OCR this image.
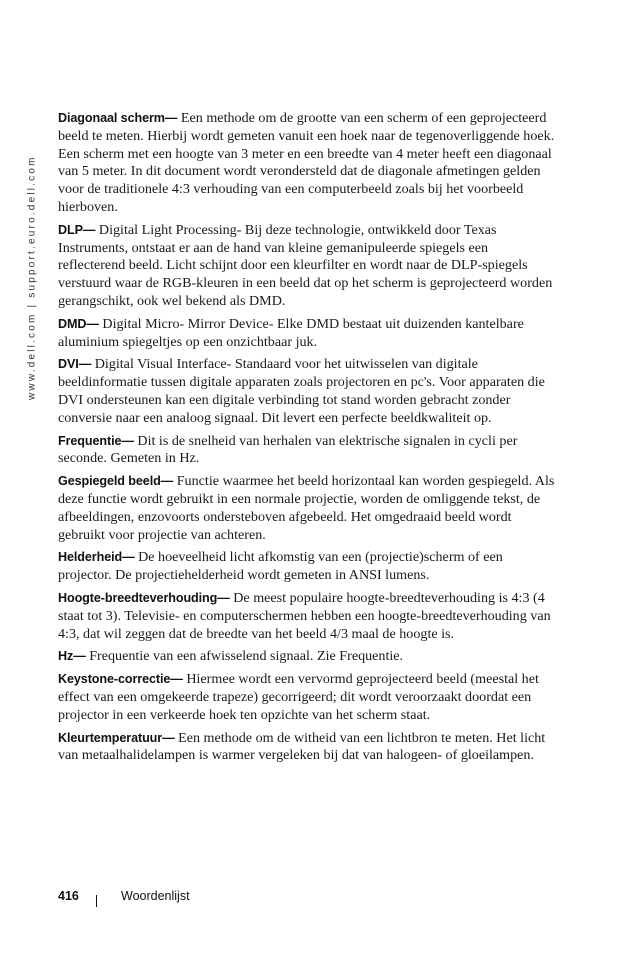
www.dell.com | support.euro.dell.com

Diagonaal scherm— Een methode om de grootte van een scherm of een geprojecteerd beeld te meten. Hierbij wordt gemeten vanuit een hoek naar de tegenoverliggende hoek. Een scherm met een hoogte van 3 meter en een breedte van 4 meter heeft een diagonaal van 5 meter. In dit document wordt verondersteld dat de diagonale afmetingen gelden voor de traditionele 4:3 verhouding van een computerbeeld zoals bij het voorbeeld hierboven.

DLP— Digital Light Processing- Bij deze technologie, ontwikkeld door Texas Instruments, ontstaat er aan de hand van kleine gemanipuleerde spiegels een reflecterend beeld. Licht schijnt door een kleurfilter en wordt naar de DLP-spiegels verstuurd waar de RGB-kleuren in een beeld dat op het scherm is geprojecteerd worden gerangschikt, ook wel bekend als DMD.

DMD— Digital Micro- Mirror Device- Elke DMD bestaat uit duizenden kantelbare aluminium spiegeltjes op een onzichtbaar juk.

DVI— Digital Visual Interface- Standaard voor het uitwisselen van digitale beeldinformatie tussen digitale apparaten zoals projectoren en pc's. Voor apparaten die DVI ondersteunen kan een digitale verbinding tot stand worden gebracht zonder conversie naar een analoog signaal. Dit levert een perfecte beeldkwaliteit op.

Frequentie— Dit is de snelheid van herhalen van elektrische signalen in cycli per seconde. Gemeten in Hz.

Gespiegeld beeld— Functie waarmee het beeld horizontaal kan worden gespiegeld. Als deze functie wordt gebruikt in een normale projectie, worden de omliggende tekst, de afbeeldingen, enzovoorts ondersteboven afgebeeld. Het omgedraaid beeld wordt gebruikt voor projectie van achteren.

Helderheid— De hoeveelheid licht afkomstig van een (projectie)scherm of een projector. De projectiehelderheid wordt gemeten in ANSI lumens.

Hoogte-breedteverhouding— De meest populaire hoogte-breedteverhouding is 4:3 (4 staat tot 3). Televisie- en computerschermen hebben een hoogte-breedteverhouding van 4:3, dat wil zeggen dat de breedte van het beeld 4/3 maal de hoogte is.

Hz— Frequentie van een afwisselend signaal. Zie Frequentie.

Keystone-correctie— Hiermee wordt een vervormd geprojecteerd beeld (meestal het effect van een omgekeerde trapeze) gecorrigeerd; dit wordt veroorzaakt doordat een projector in een verkeerde hoek ten opzichte van het scherm staat.

Kleurtemperatuur— Een methode om de witheid van een lichtbron te meten. Het licht van metaalhalidelampen is warmer vergeleken bij dat van halogeen- of gloeilampen.

416	Woordenlijst
